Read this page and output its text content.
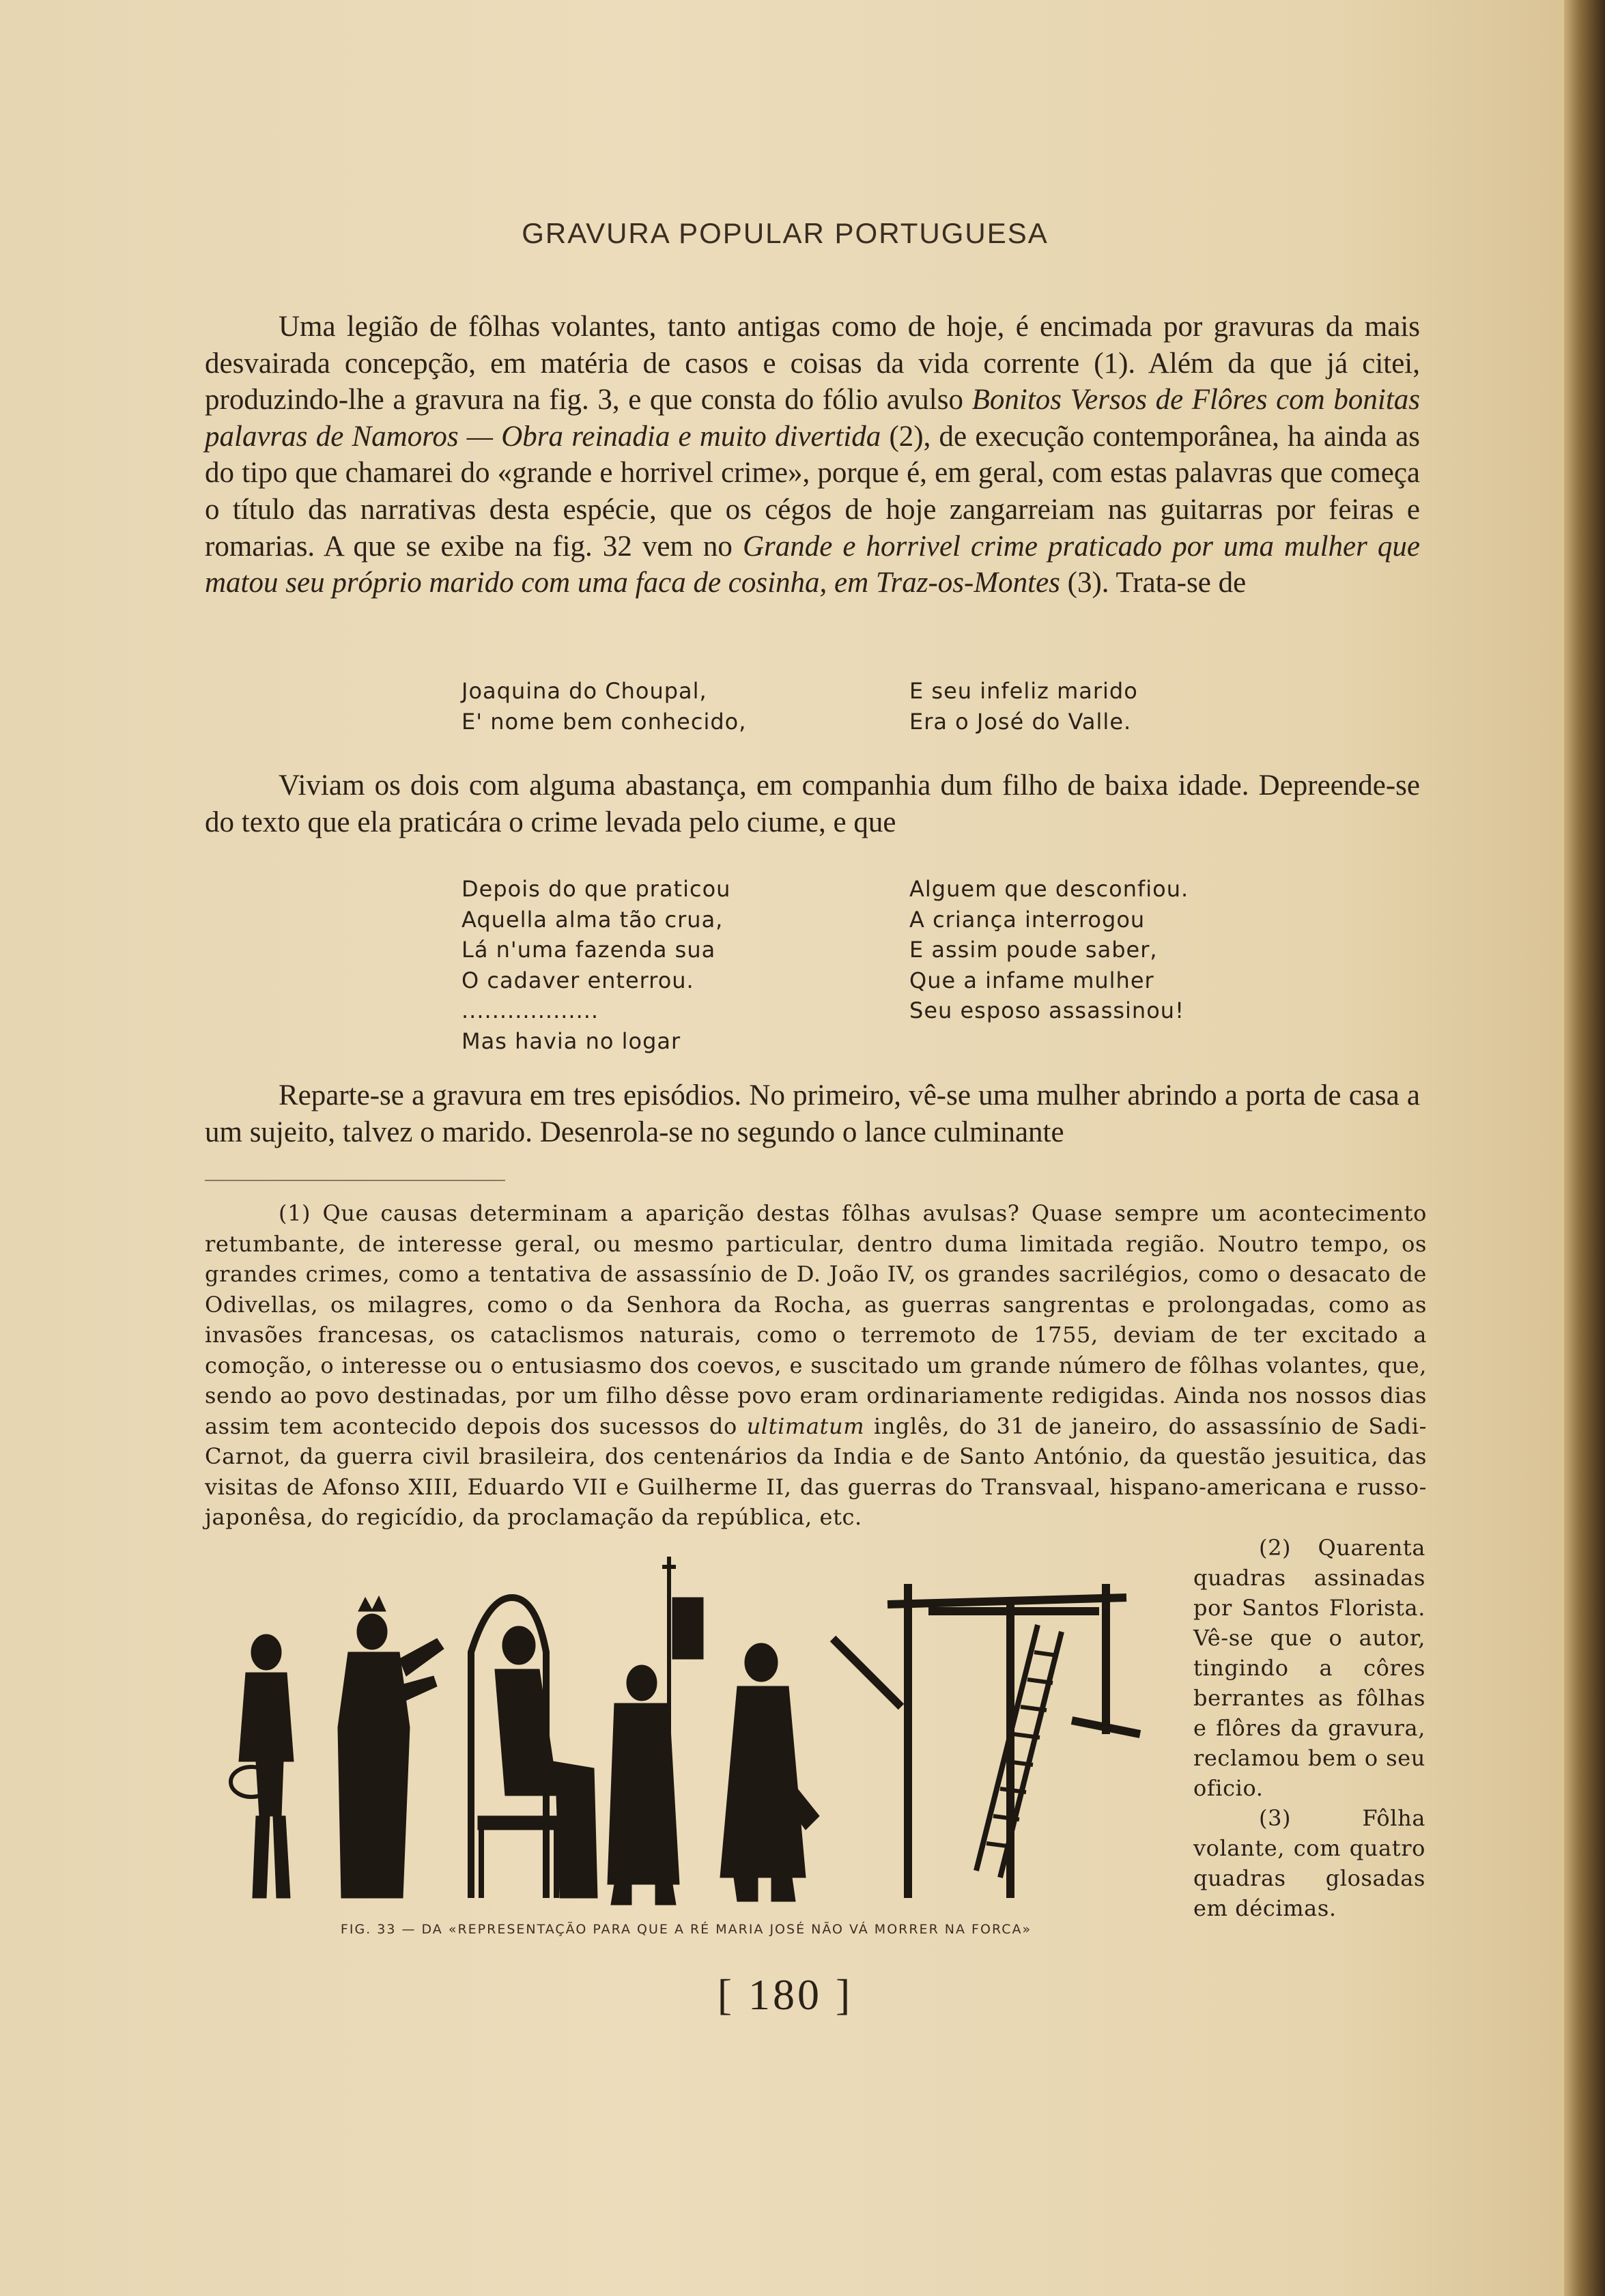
GRAVURA POPULAR PORTUGUESA

Uma legião de fôlhas volantes, tanto antigas como de hoje, é encimada por gravuras da mais desvairada concepção, em matéria de casos e coisas da vida corrente (1). Além da que já citei, produzindo-lhe a gravura na fig. 3, e que consta do fólio avulso Bonitos Versos de Flôres com bonitas palavras de Namoros — Obra reinadia e muito divertida (2), de execução contemporânea, ha ainda as do tipo que chamarei do «grande e horrivel crime», porque é, em geral, com estas palavras que começa o título das narrativas desta espécie, que os cégos de hoje zangarreiam nas guitarras por feiras e romarias. A que se exibe na fig. 32 vem no Grande e horrivel crime praticado por uma mulher que matou seu próprio marido com uma faca de cosinha, em Traz-os-Montes (3). Trata-se de

Joaquina do Choupal,
E' nome bem conhecido,
E seu infeliz marido
Era o José do Valle.

Viviam os dois com alguma abastança, em companhia dum filho de baixa idade. Depreende-se do texto que ela praticára o crime levada pelo ciume, e que

Depois do que praticou
Aquella alma tão crua,
Lá n'uma fazenda sua
O cadaver enterrou.
..................
Mas havia no logar
Alguem que desconfiou.
A criança interrogou
E assim poude saber,
Que a infame mulher
Seu esposo assassinou!

Reparte-se a gravura em tres episódios. No primeiro, vê-se uma mulher abrindo a porta de casa a um sujeito, talvez o marido. Desenrola-se no segundo o lance culminante

(1) Que causas determinam a aparição destas fôlhas avulsas? Quase sempre um acontecimento retumbante, de interesse geral, ou mesmo particular, dentro duma limitada região. Noutro tempo, os grandes crimes, como a tentativa de assassínio de D. João IV, os grandes sacrilégios, como o desacato de Odivellas, os milagres, como o da Senhora da Rocha, as guerras sangrentas e prolongadas, como as invasões francesas, os cataclismos naturais, como o terremoto de 1755, deviam de ter excitado a comoção, o interesse ou o entusiasmo dos coevos, e suscitado um grande número de fôlhas volantes, que, sendo ao povo destinadas, por um filho dêsse povo eram ordinariamente redigidas. Ainda nos nossos dias assim tem acontecido depois dos sucessos do ultimatum inglês, do 31 de janeiro, do assassínio de Sadi-Carnot, da guerra civil brasileira, dos centenários da India e de Santo António, da questão jesuitica, das visitas de Afonso XIII, Eduardo VII e Guilherme II, das guerras do Transvaal, hispano-americana e russo-japonêsa, do regicídio, da proclamação da república, etc.

(2) Quarenta quadras assinadas por Santos Florista. Vê-se que o autor, tingindo a côres berrantes as fôlhas e flôres da gravura, reclamou bem o seu oficio.

(3) Fôlha volante, com quatro quadras glosadas em décimas.

FIG. 33 — DA «REPRESENTAÇÃO PARA QUE A RÉ MARIA JOSÉ NÃO VÁ MORRER NA FORCA»
[ 180 ]
